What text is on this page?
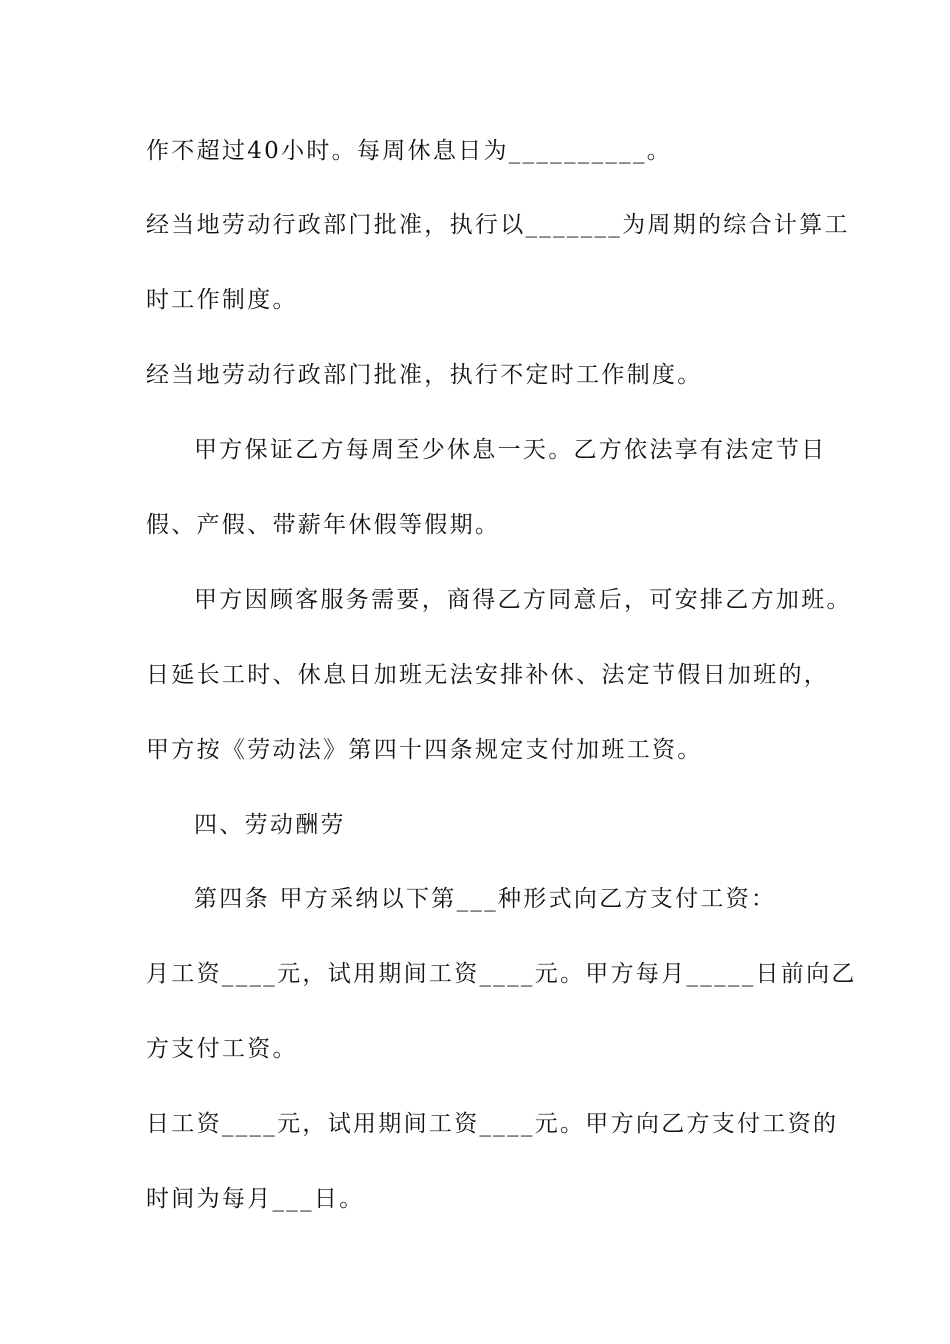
作不超过40小时。每周休息日为__________。
经当地劳动行政部门批准，执行以_______为周期的综合计算工
时工作制度。
经当地劳动行政部门批准，执行不定时工作制度。
甲方保证乙方每周至少休息一天。乙方依法享有法定节日
假、产假、带薪年休假等假期。
甲方因顾客服务需要，商得乙方同意后，可安排乙方加班。
日延长工时、休息日加班无法安排补休、法定节假日加班的，
甲方按《劳动法》第四十四条规定支付加班工资。
四、劳动酬劳
第四条 甲方采纳以下第___种形式向乙方支付工资：
月工资____元，试用期间工资____元。甲方每月_____日前向乙
方支付工资。
日工资____元，试用期间工资____元。甲方向乙方支付工资的
时间为每月___日。
